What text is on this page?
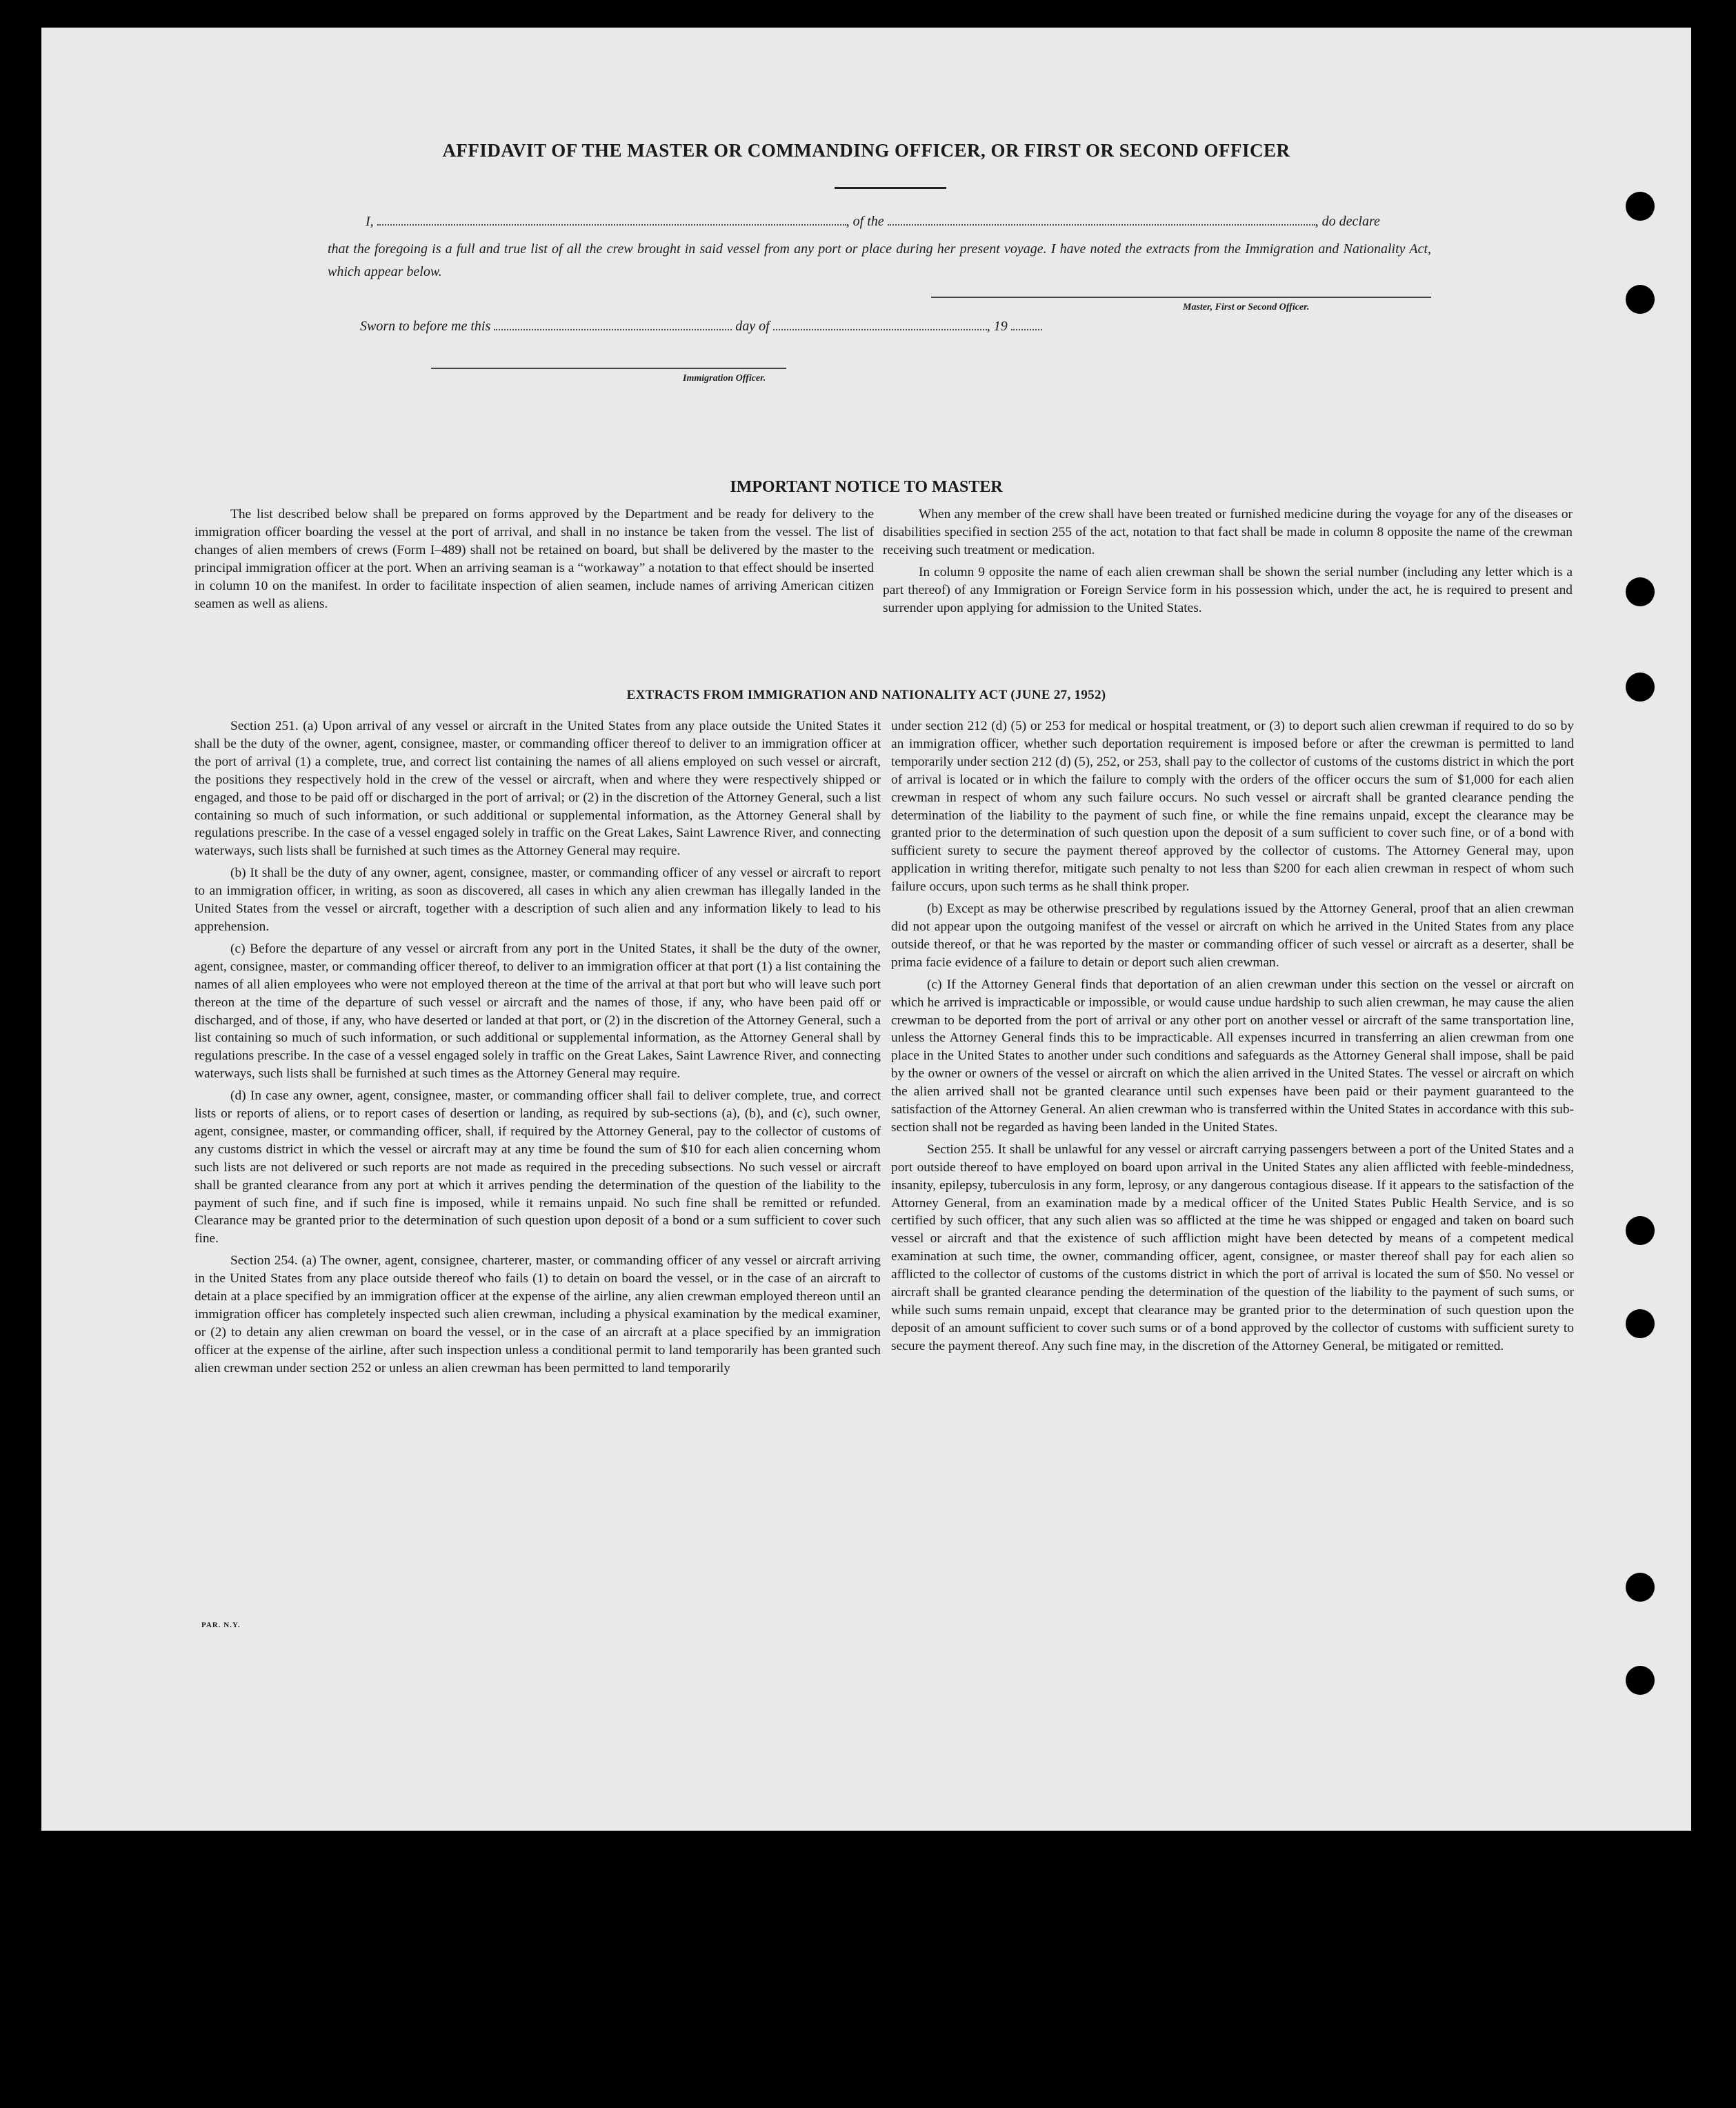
AFFIDAVIT OF THE MASTER OR COMMANDING OFFICER, OR FIRST OR SECOND OFFICER
I,	, of the	, do declare
that the foregoing is a full and true list of all the crew brought in said vessel from any port or place during her present voyage. I have noted the extracts from the Immigration and Nationality Act, which appear below.
Master, First or Second Officer.
Sworn to before me this	day of	, 19
Immigration Officer.
IMPORTANT NOTICE TO MASTER

The list described below shall be prepared on forms approved by the Department and be ready for delivery to the immigration officer boarding the vessel at the port of arrival, and shall in no instance be taken from the vessel. The list of changes of alien members of crews (Form I–489) shall not be retained on board, but shall be delivered by the master to the principal immigration officer at the port. When an arriving seaman is a “workaway” a notation to that effect should be inserted in column 10 on the manifest. In order to facilitate inspection of alien seamen, include names of arriving American citizen seamen as well as aliens.

When any member of the crew shall have been treated or furnished medicine during the voyage for any of the diseases or disabilities specified in section 255 of the act, notation to that fact shall be made in column 8 opposite the name of the crewman receiving such treatment or medication.

In column 9 opposite the name of each alien crewman shall be shown the serial number (including any letter which is a part thereof) of any Immigration or Foreign Service form in his possession which, under the act, he is required to present and surrender upon applying for admission to the United States.

EXTRACTS FROM IMMIGRATION AND NATIONALITY ACT (JUNE 27, 1952)

Section 251. (a) Upon arrival of any vessel or aircraft in the United States from any place outside the United States it shall be the duty of the owner, agent, consignee, master, or commanding officer thereof to deliver to an immigration officer at the port of arrival (1) a complete, true, and correct list containing the names of all aliens employed on such vessel or aircraft, the positions they respectively hold in the crew of the vessel or aircraft, when and where they were respectively shipped or engaged, and those to be paid off or discharged in the port of arrival; or (2) in the discretion of the Attorney General, such a list containing so much of such information, or such additional or supplemental information, as the Attorney General shall by regulations prescribe. In the case of a vessel engaged solely in traffic on the Great Lakes, Saint Lawrence River, and connecting waterways, such lists shall be furnished at such times as the Attorney General may require.

(b) It shall be the duty of any owner, agent, consignee, master, or commanding officer of any vessel or aircraft to report to an immigration officer, in writing, as soon as discovered, all cases in which any alien crewman has illegally landed in the United States from the vessel or aircraft, together with a description of such alien and any information likely to lead to his apprehension.

(c) Before the departure of any vessel or aircraft from any port in the United States, it shall be the duty of the owner, agent, consignee, master, or commanding officer thereof, to deliver to an immigration officer at that port (1) a list containing the names of all alien employees who were not employed thereon at the time of the arrival at that port but who will leave such port thereon at the time of the departure of such vessel or aircraft and the names of those, if any, who have been paid off or discharged, and of those, if any, who have deserted or landed at that port, or (2) in the discretion of the Attorney General, such a list containing so much of such information, or such additional or supplemental information, as the Attorney General shall by regulations prescribe. In the case of a vessel engaged solely in traffic on the Great Lakes, Saint Lawrence River, and connecting waterways, such lists shall be furnished at such times as the Attorney General may require.

(d) In case any owner, agent, consignee, master, or commanding officer shall fail to deliver complete, true, and correct lists or reports of aliens, or to report cases of desertion or landing, as required by sub-sections (a), (b), and (c), such owner, agent, consignee, master, or commanding officer, shall, if required by the Attorney General, pay to the collector of customs of any customs district in which the vessel or aircraft may at any time be found the sum of $10 for each alien concerning whom such lists are not delivered or such reports are not made as required in the preceding subsections. No such vessel or aircraft shall be granted clearance from any port at which it arrives pending the determination of the question of the liability to the payment of such fine, and if such fine is imposed, while it remains unpaid. No such fine shall be remitted or refunded. Clearance may be granted prior to the determination of such question upon deposit of a bond or a sum sufficient to cover such fine.

Section 254. (a) The owner, agent, consignee, charterer, master, or commanding officer of any vessel or aircraft arriving in the United States from any place outside thereof who fails (1) to detain on board the vessel, or in the case of an aircraft to detain at a place specified by an immigration officer at the expense of the airline, any alien crewman employed thereon until an immigration officer has completely inspected such alien crewman, including a physical examination by the medical examiner, or (2) to detain any alien crewman on board the vessel, or in the case of an aircraft at a place specified by an immigration officer at the expense of the airline, after such inspection unless a conditional permit to land temporarily has been granted such alien crewman under section 252 or unless an alien crewman has been permitted to land temporarily

under section 212 (d) (5) or 253 for medical or hospital treatment, or (3) to deport such alien crewman if required to do so by an immigration officer, whether such deportation requirement is imposed before or after the crewman is permitted to land temporarily under section 212 (d) (5), 252, or 253, shall pay to the collector of customs of the customs district in which the port of arrival is located or in which the failure to comply with the orders of the officer occurs the sum of $1,000 for each alien crewman in respect of whom any such failure occurs. No such vessel or aircraft shall be granted clearance pending the determination of the liability to the payment of such fine, or while the fine remains unpaid, except the clearance may be granted prior to the determination of such question upon the deposit of a sum sufficient to cover such fine, or of a bond with sufficient surety to secure the payment thereof approved by the collector of customs. The Attorney General may, upon application in writing therefor, mitigate such penalty to not less than $200 for each alien crewman in respect of whom such failure occurs, upon such terms as he shall think proper.

(b) Except as may be otherwise prescribed by regulations issued by the Attorney General, proof that an alien crewman did not appear upon the outgoing manifest of the vessel or aircraft on which he arrived in the United States from any place outside thereof, or that he was reported by the master or commanding officer of such vessel or aircraft as a deserter, shall be prima facie evidence of a failure to detain or deport such alien crewman.

(c) If the Attorney General finds that deportation of an alien crewman under this section on the vessel or aircraft on which he arrived is impracticable or impossible, or would cause undue hardship to such alien crewman, he may cause the alien crewman to be deported from the port of arrival or any other port on another vessel or aircraft of the same transportation line, unless the Attorney General finds this to be impracticable. All expenses incurred in transferring an alien crewman from one place in the United States to another under such conditions and safeguards as the Attorney General shall impose, shall be paid by the owner or owners of the vessel or aircraft on which the alien arrived in the United States. The vessel or aircraft on which the alien arrived shall not be granted clearance until such expenses have been paid or their payment guaranteed to the satisfaction of the Attorney General. An alien crewman who is transferred within the United States in accordance with this sub-section shall not be regarded as having been landed in the United States.

Section 255. It shall be unlawful for any vessel or aircraft carrying passengers between a port of the United States and a port outside thereof to have employed on board upon arrival in the United States any alien afflicted with feeble-mindedness, insanity, epilepsy, tuberculosis in any form, leprosy, or any dangerous contagious disease. If it appears to the satisfaction of the Attorney General, from an examination made by a medical officer of the United States Public Health Service, and is so certified by such officer, that any such alien was so afflicted at the time he was shipped or engaged and taken on board such vessel or aircraft and that the existence of such affliction might have been detected by means of a competent medical examination at such time, the owner, commanding officer, agent, consignee, or master thereof shall pay for each alien so afflicted to the collector of customs of the customs district in which the port of arrival is located the sum of $50. No vessel or aircraft shall be granted clearance pending the determination of the question of the liability to the payment of such sums, or while such sums remain unpaid, except that clearance may be granted prior to the determination of such question upon the deposit of an amount sufficient to cover such sums or of a bond approved by the collector of customs with sufficient surety to secure the payment thereof. Any such fine may, in the discretion of the Attorney General, be mitigated or remitted.

PAR. N.Y.
